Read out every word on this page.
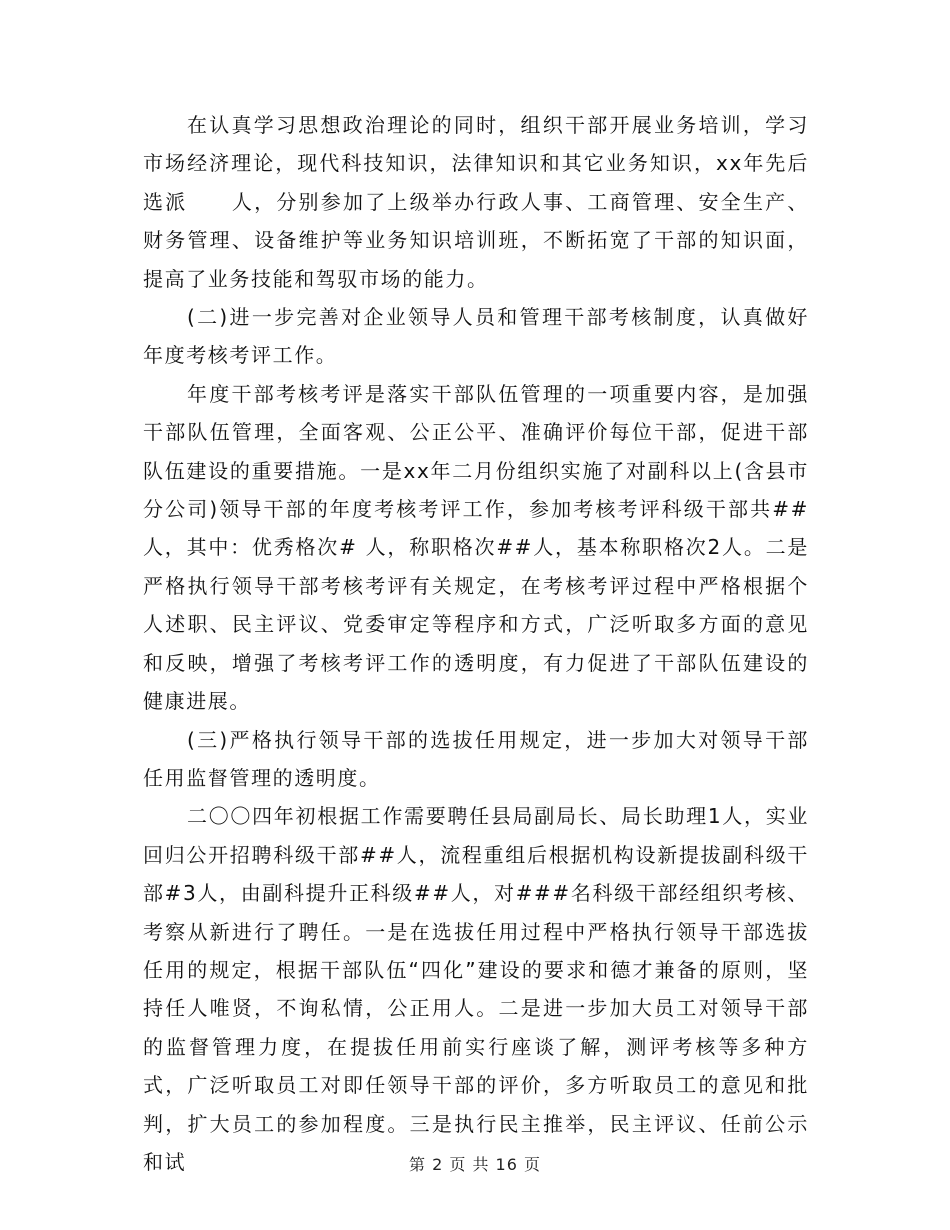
在认真学习思想政治理论的同时，组织干部开展业务培训，学习市场经济理论，现代科技知识，法律知识和其它业务知识，xx年先后选派　　人，分别参加了上级举办行政人事、工商管理、安全生产、财务管理、设备维护等业务知识培训班，不断拓宽了干部的知识面，提高了业务技能和驾驭市场的能力。

(二)进一步完善对企业领导人员和管理干部考核制度，认真做好年度考核考评工作。

年度干部考核考评是落实干部队伍管理的一项重要内容，是加强干部队伍管理，全面客观、公正公平、准确评价每位干部，促进干部队伍建设的重要措施。一是xx年二月份组织实施了对副科以上(含县市分公司)领导干部的年度考核考评工作，参加考核考评科级干部共##人，其中：优秀格次# 人，称职格次##人，基本称职格次2人。二是严格执行领导干部考核考评有关规定，在考核考评过程中严格根据个人述职、民主评议、党委审定等程序和方式，广泛听取多方面的意见和反映，增强了考核考评工作的透明度，有力促进了干部队伍建设的健康进展。

(三)严格执行领导干部的选拔任用规定，进一步加大对领导干部任用监督管理的透明度。

二〇〇四年初根据工作需要聘任县局副局长、局长助理1人，实业回归公开招聘科级干部##人，流程重组后根据机构设新提拔副科级干部#3人，由副科提升正科级##人，对###名科级干部经组织考核、考察从新进行了聘任。一是在选拔任用过程中严格执行领导干部选拔任用的规定，根据干部队伍“四化”建设的要求和德才兼备的原则，坚持任人唯贤，不询私情，公正用人。二是进一步加大员工对领导干部的监督管理力度，在提拔任用前实行座谈了解，测评考核等多种方式，广泛听取员工对即任领导干部的评价，多方听取员工的意见和批判，扩大员工的参加程度。三是执行民主推举，民主评议、任前公示和试	第 2 页 共 16 页
